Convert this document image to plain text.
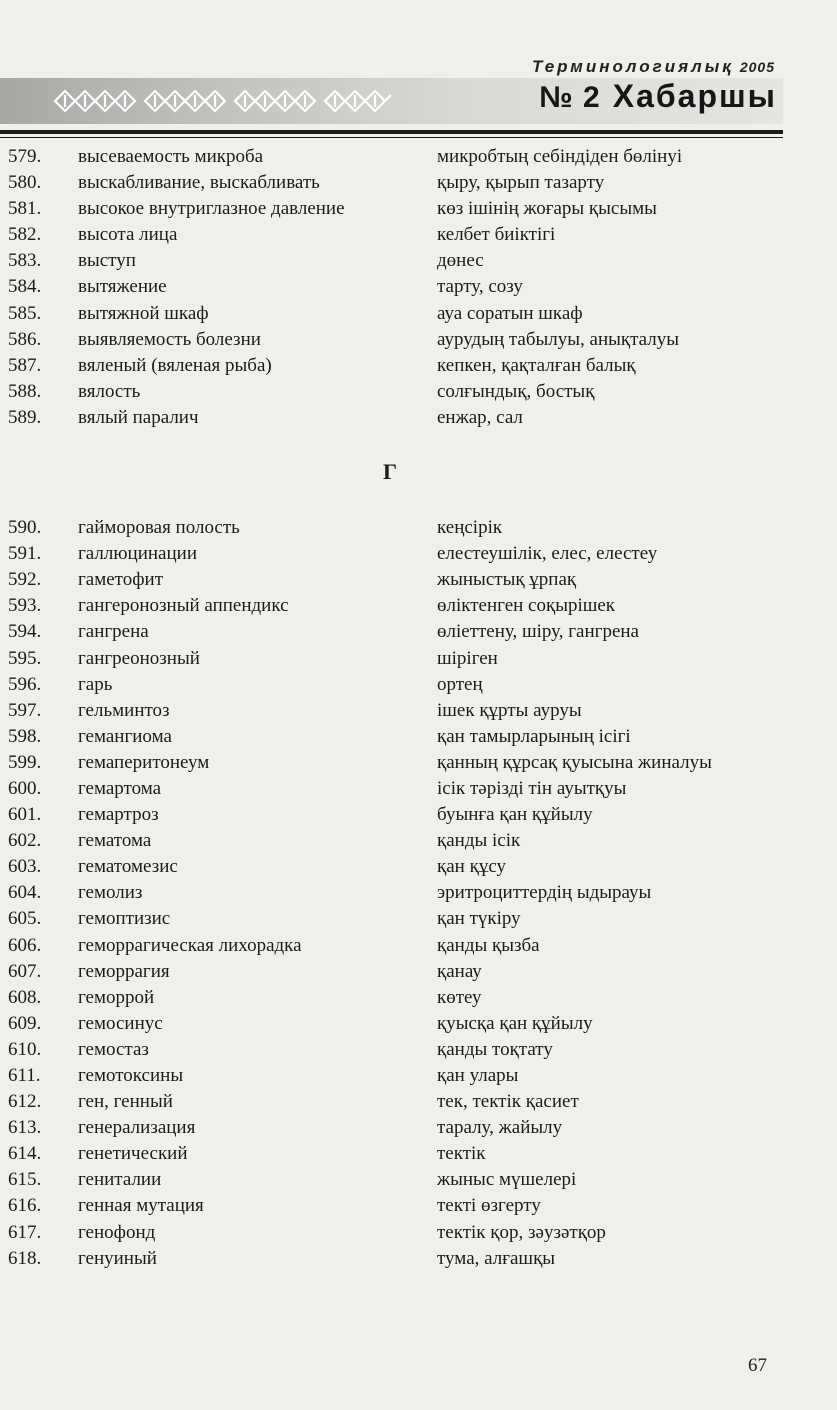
Терминологиялық 2005
№ 2 Хабаршы
579. высеваемость микроба	микробтың себіндіден бөлінуі
580. выскабливание, выскабливать	қыру, қырып тазарту
581. высокое внутриглазное давление	көз ішінің жоғары қысымы
582. высота лица	келбет биіктігі
583. выступ	дөнес
584. вытяжение	тарту, созу
585. вытяжной шкаф	ауа соратын шкаф
586. выявляемость болезни	аурудың табылуы, анықталуы
587. вяленый (вяленая рыба)	кепкен, қақталған балық
588. вялость	солғындық, бостық
589. вялый паралич	енжар, сал
Г
590. гайморовая полость	кеңсірік
591. галлюцинации	елестеушілік, елес, елестеу
592. гаметофит	жыныстық ұрпақ
593. гангеронозный аппендикс	өліктенген соқырішек
594. гангрена	өліеттену, шіру, гангрена
595. гангреонозный	шіріген
596. гарь	ортең
597. гельминтоз	ішек құрты ауруы
598. гемангиома	қан тамырларының ісігі
599. гемаперитонеум	қанның құрсақ қуысына жиналуы
600. гемартома	ісік тәрізді тін ауытқуы
601. гемартроз	буынға қан құйылу
602. гематома	қанды ісік
603. гематомезис	қан құсу
604. гемолиз	эритроциттердің ыдырауы
605. гемоптизис	қан түкіру
606. геморрагическая лихорадка	қанды қызба
607. геморрагия	қанау
608. геморрой	көтеу
609. гемосинус	қуысқа қан құйылу
610. гемостаз	қанды тоқтату
611. гемотоксины	қан улары
612. ген, генный	тек, тектік қасиет
613. генерализация	таралу, жайылу
614. генетический	тектік
615. гениталии	жыныс мүшелері
616. генная мутация	текті өзгерту
617. генофонд	тектік қор, зәузәтқор
618. генуиный	тума, алғашқы
67
